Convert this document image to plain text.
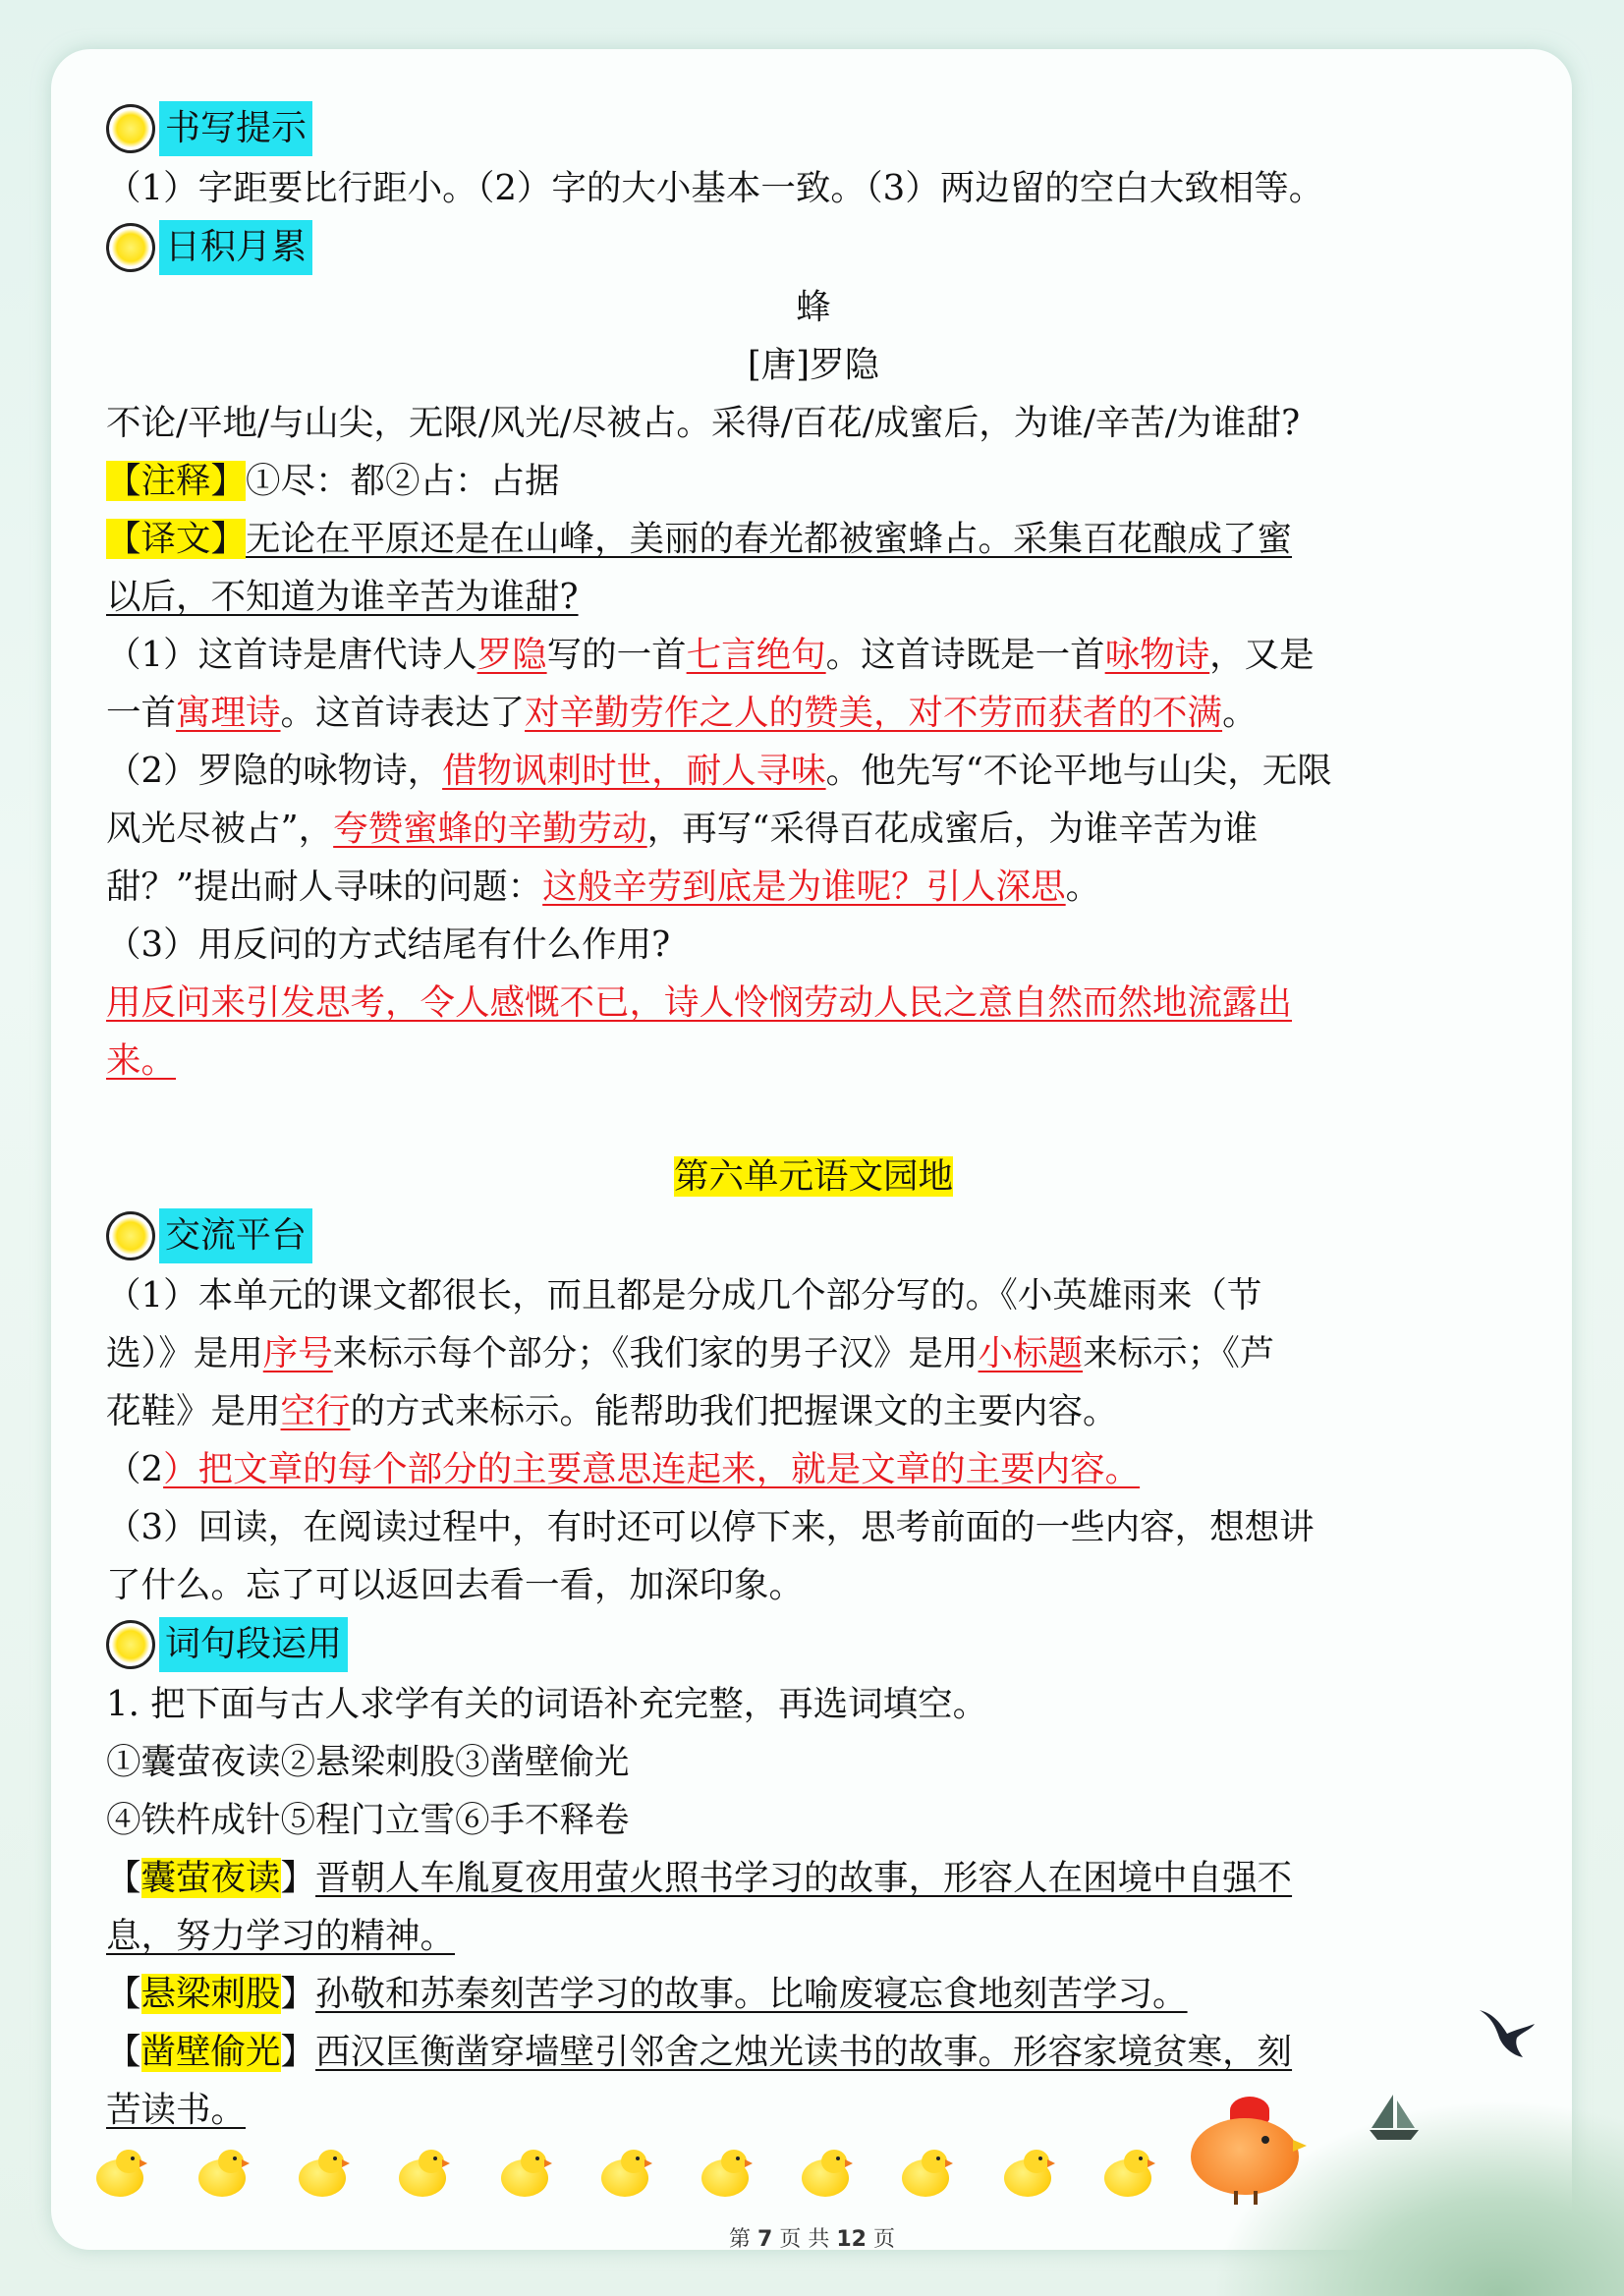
书写提示
（1）字距要比行距小。（2）字的大小基本一致。（3）两边留的空白大致相等。
日积月累
蜂
[唐]罗隐
不论/平地/与山尖，无限/风光/尽被占。采得/百花/成蜜后，为谁/辛苦/为谁甜?
【注释】①尽：都②占：占据
【译文】无论在平原还是在山峰，美丽的春光都被蜜蜂占。采集百花酿成了蜜
以后，不知道为谁辛苦为谁甜?
（1）这首诗是唐代诗人罗隐写的一首七言绝句。这首诗既是一首咏物诗，又是
一首寓理诗。这首诗表达了对辛勤劳作之人的赞美，对不劳而获者的不满。
（2）罗隐的咏物诗，借物讽刺时世，耐人寻味。他先写“不论平地与山尖，无限
风光尽被占”，夸赞蜜蜂的辛勤劳动，再写“采得百花成蜜后，为谁辛苦为谁
甜？”提出耐人寻味的问题：这般辛劳到底是为谁呢？引人深思。
（3）用反问的方式结尾有什么作用?
用反问来引发思考，令人感慨不已，诗人怜悯劳动人民之意自然而然地流露出
来。
第六单元语文园地
交流平台
（1）本单元的课文都很长，而且都是分成几个部分写的。《小英雄雨来（节
选）》是用序号来标示每个部分；《我们家的男子汉》是用小标题来标示；《芦
花鞋》是用空行的方式来标示。能帮助我们把握课文的主要内容。
（2）把文章的每个部分的主要意思连起来，就是文章的主要内容。
（3）回读，在阅读过程中，有时还可以停下来，思考前面的一些内容，想想讲
了什么。忘了可以返回去看一看，加深印象。
词句段运用
1. 把下面与古人求学有关的词语补充完整，再选词填空。
①囊萤夜读②悬梁刺股③凿壁偷光
④铁杵成针⑤程门立雪⑥手不释卷
【囊萤夜读】晋朝人车胤夏夜用萤火照书学习的故事，形容人在困境中自强不
息，努力学习的精神。
【悬梁刺股】孙敬和苏秦刻苦学习的故事。比喻废寝忘食地刻苦学习。
【凿壁偷光】西汉匡衡凿穿墙壁引邻舍之烛光读书的故事。形容家境贫寒，刻
苦读书。
第 7 页 共 12 页
